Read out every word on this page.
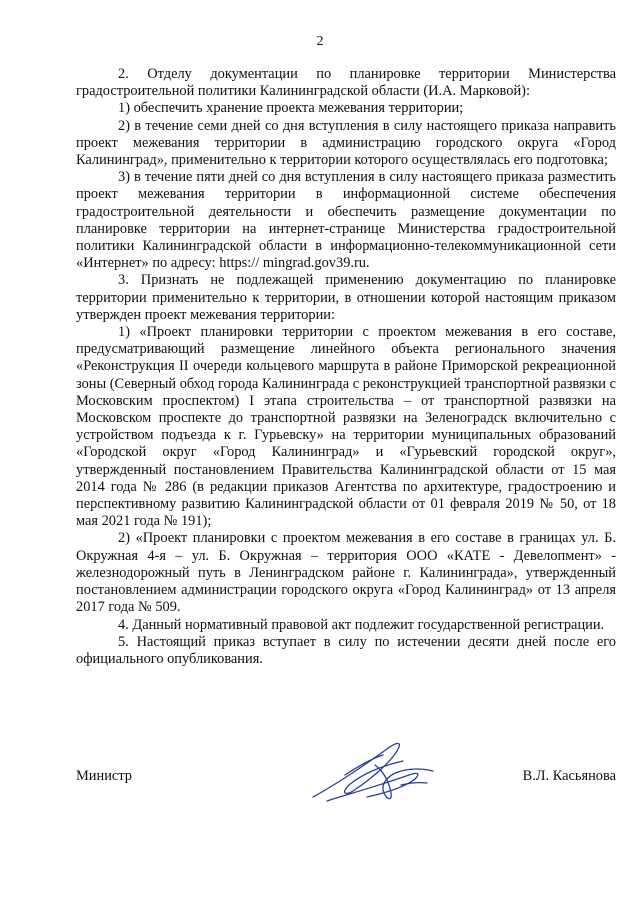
2

2. Отделу документации по планировке территории Министерства градостроительной политики Калининградской области (И.А. Марковой):

1) обеспечить хранение проекта межевания территории;

2) в течение семи дней со дня вступления в силу настоящего приказа направить проект межевания территории в администрацию городского округа «Город Калининград», применительно к территории которого осуществлялась его подготовка;

3) в течение пяти дней со дня вступления в силу настоящего приказа разместить проект межевания территории в информационной системе обеспечения градостроительной деятельности и обеспечить размещение документации по планировке территории на интернет-странице Министерства градостроительной политики Калининградской области в информационно-телекоммуникационной сети «Интернет» по адресу: https:// mingrad.gov39.ru.

3. Признать не подлежащей применению документацию по планировке территории применительно к территории, в отношении которой настоящим приказом утвержден проект межевания территории:

1) «Проект планировки территории с проектом межевания в его составе, предусматривающий размещение линейного объекта регионального значения «Реконструкция II очереди кольцевого маршрута в районе Приморской рекреационной зоны (Северный обход города Калининграда с реконструкцией транспортной развязки с Московским проспектом) I этапа строительства – от транспортной развязки на Московском проспекте до транспортной развязки на Зеленоградск включительно с устройством подъезда к г. Гурьевску» на территории муниципальных образований «Городской округ «Город Калининград» и «Гурьевский городской округ», утвержденный постановлением Правительства Калининградской области от 15 мая 2014 года № 286 (в редакции приказов Агентства по архитектуре, градостроению и перспективному развитию Калининградской области от 01 февраля 2019 № 50, от 18 мая 2021 года № 191);

2) «Проект планировки с проектом межевания в его составе в границах ул. Б. Окружная 4-я – ул. Б. Окружная – территория ООО «КАТЕ - Девелопмент» - железнодорожный путь в Ленинградском районе г. Калининграда», утвержденный постановлением администрации городского округа «Город Калининград» от 13 апреля 2017 года № 509.

4. Данный нормативный правовой акт подлежит государственной регистрации.

5. Настоящий приказ вступает в силу по истечении десяти дней после его официального опубликования.

Министр	В.Л. Касьянова
